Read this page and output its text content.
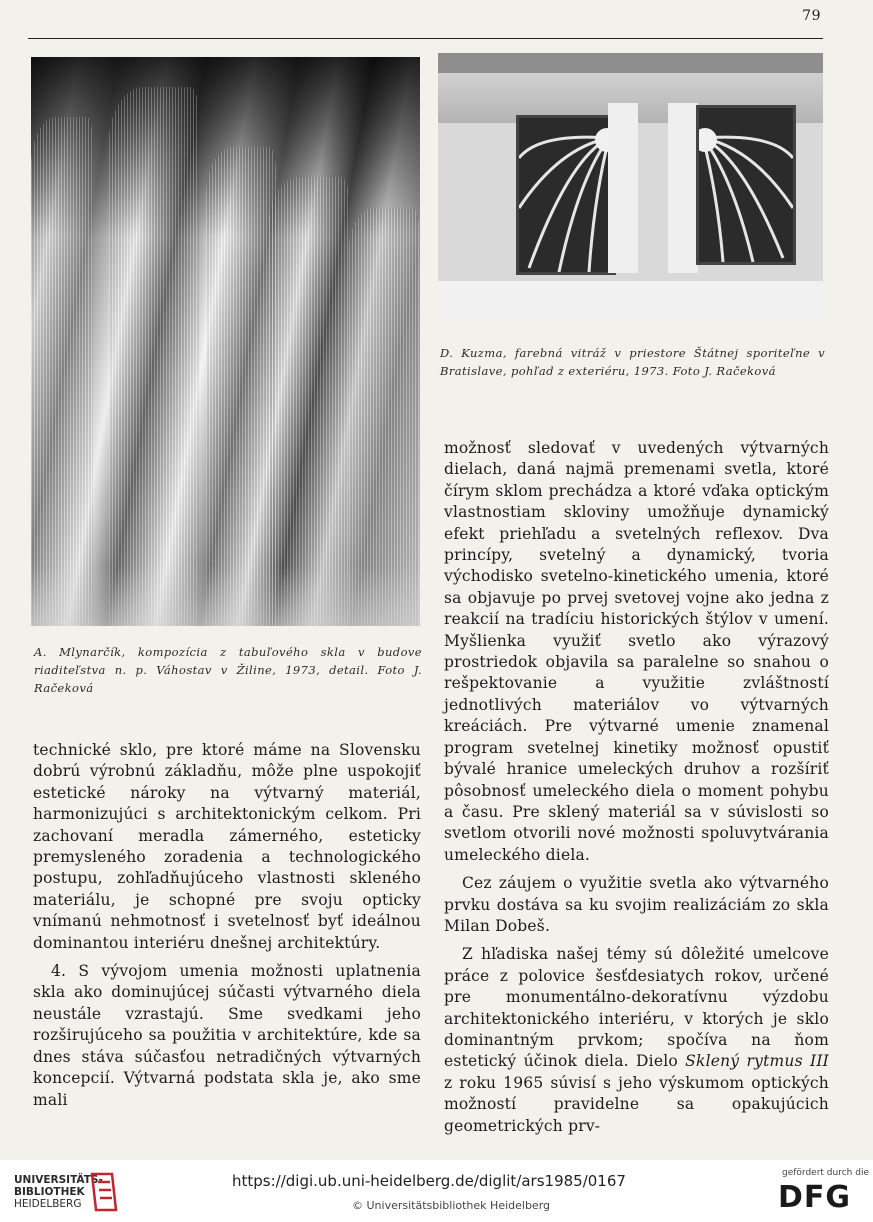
79
A. Mlynarčík, kompozícia z tabuľového skla v budove riaditeľstva n. p. Váhostav v Žiline, 1973, detail. Foto J. Račeková
D. Kuzma, farebná vitráž v priestore Štátnej sporiteľne v Bratislave, pohľad z exteriéru, 1973. Foto J. Račeková

technické sklo, pre ktoré máme na Slovensku dobrú výrobnú základňu, môže plne uspokojiť estetické nároky na výtvarný materiál, harmonizujúci s architektonickým celkom. Pri zachovaní meradla zámerného, esteticky premysleného zoradenia a technologického postupu, zohľadňujúceho vlastnosti skleného materiálu, je schopné pre svoju opticky vnímanú nehmotnosť i svetelnosť byť ideálnou dominantou interiéru dnešnej architektúry.

4. S vývojom umenia možnosti uplatnenia skla ako dominujúcej súčasti výtvarného diela neustále vzrastajú. Sme svedkami jeho rozširujúceho sa použitia v architektúre, kde sa dnes stáva súčasťou netradičných výtvarných koncepcií. Výtvarná podstata skla je, ako sme mali

možnosť sledovať v uvedených výtvarných dielach, daná najmä premenami svetla, ktoré čírym sklom prechádza a ktoré vďaka optickým vlastnostiam skloviny umožňuje dynamický efekt priehľadu a svetelných reflexov. Dva princípy, svetelný a dynamický, tvoria východisko svetelno-kinetického umenia, ktoré sa objavuje po prvej svetovej vojne ako jedna z reakcií na tradíciu historických štýlov v umení. Myšlienka využiť svetlo ako výrazový prostriedok objavila sa paralelne so snahou o rešpektovanie a využitie zvláštností jednotlivých materiálov vo výtvarných kreáciách. Pre výtvarné umenie znamenal program svetelnej kinetiky možnosť opustiť bývalé hranice umeleckých druhov a rozšíriť pôsobnosť umeleckého diela o moment pohybu a času. Pre sklený materiál sa v súvislosti so svetlom otvorili nové možnosti spoluvytvárania umeleckého diela.

Cez záujem o využitie svetla ako výtvarného prvku dostáva sa ku svojim realizáciám zo skla Milan Dobeš.

Z hľadiska našej témy sú dôležité umelcove práce z polovice šesťdesiatych rokov, určené pre monumentálno-dekoratívnu výzdobu architektonického interiéru, v ktorých je sklo dominantným prvkom; spočíva na ňom estetický účinok diela. Dielo Sklený rytmus III z roku 1965 súvisí s jeho výskumom optických možností pravidelne sa opakujúcich geometrických prv-

UNIVERSITÄTS-
BIBLIOTHEK
HEIDELBERG
https://digi.ub.uni-heidelberg.de/diglit/ars1985/0167
© Universitätsbibliothek Heidelberg
gefördert durch die
DFG
